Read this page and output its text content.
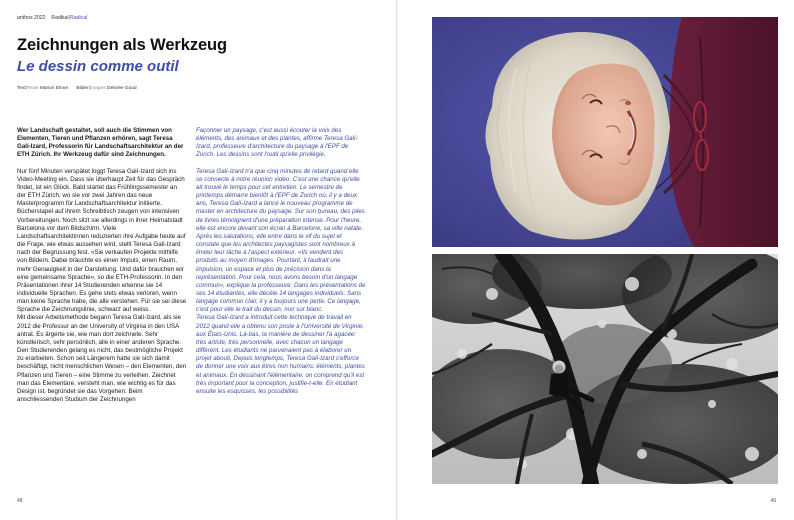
anthos 2022 Radikal|Radical
Zeichnungen als Werkzeug
Le dessin comme outil
Text|Texte Marion Elmer Bilder|Images Désirée Good

Wer Landschaft gestaltet, soll auch die Stimmen von Elementen, Tieren und Pflanzen erhören, sagt Teresa Galí-Izard, Professorin für Landschaftsarchitektur an der ETH Zürich. Ihr Werkzeug dafür sind Zeichnungen.

Nur fünf Minuten verspätet loggt Teresa Galí-Izard sich ins Video-Meeting ein. Dass sie überhaupt Zeit für das Gespräch findet, ist ein Glück. Bald startet das Frühlingssemester an der ETH Zürich, wo sie vor zwei Jahren das neue Masterprogramm für Landschaftsarchitektur initiierte. Bücherstapel auf ihrem Schreibtisch zeugen von intensiven Vorbereitungen. Noch sitzt sie allerdings in ihrer Heimatstadt Barcelona vor dem Bildschirm. Viele Landschaftsarchitektinnen reduzierten ihre Aufgabe heute auf die Frage, wie etwas aussehen wird, stellt Teresa Galí-Izard nach der Begrüssung fest. «Sie verkaufen Projekte mithilfe von Bildern. Dabei bräuchte es einen Impuls, einen Raum, mehr Genauigkeit in der Darstellung. Und dafür brauchen wir eine gemeinsame Sprache», so die ETH-Professorin. In den Präsentationen ihrer 14 Studierenden erkenne sie 14 individuelle Sprachen. Es gehe stets etwas verloren, wenn man keine Sprache habe, die alle verstehen. Für sie sei diese Sprache die Zeichnungslinie, schwarz auf weiss.

Mit dieser Arbeitsmethode begann Teresa Galí-Izard, als sie 2012 die Professur an der University of Virginia in den USA antrat. Es ärgerte sie, wie man dort zeichnete. Sehr künstlerisch, sehr persönlich, alle in einer anderen Sprache. Den Studierenden gelang es nicht, das bestmögliche Projekt zu erarbeiten. Schon seit Längerem hatte sie sich damit beschäftigt, nicht menschlichen Wesen – den Elementen, den Pflanzen und Tieren – eine Stimme zu verleihen. Zeichnet man das Elementare, versteht man, wie wichtig es für das Design ist, begründet sie das Vorgehen. Beim anschliessenden Studium der Zeichnungen

Façonner un paysage, c'est aussi écouter la voix des éléments, des animaux et des plantes, affirme Teresa Galí-Izard, professeure d'architecture du paysage à l'EPF de Zurich. Les dessins sont l'outil qu'elle privilégie.

Teresa Galí-Izard n'a que cinq minutes de retard quand elle se connecte à notre réunion vidéo. C'est une chance qu'elle ait trouvé le temps pour cet entretien. Le semestre de printemps démarre bientôt à l'EPF de Zurich où, il y a deux ans, Teresa Galí-Izard a lancé le nouveau programme de master en architecture du paysage. Sur son bureau, des piles de livres témoignent d'une préparation intense. Pour l'heure, elle est encore devant son écran à Barcelone, sa ville natale. Après les salutations, elle entre dans le vif du sujet et constate que les architectes paysagistes sont nombreux à limiter leur tâche à l'aspect extérieur. «Ils vendent des produits au moyen d'images. Pourtant, il faudrait une impulsion, un espace et plus de précision dans la représentation. Pour cela, nous avons besoin d'un langage commun», explique la professeure. Dans les présentations de ses 14 étudiantes, elle décèle 14 langages individuels. Sans langage commun clair, il y a toujours une perte. Ce langage, c'est pour elle le trait du dessin, noir sur blanc.

Teresa Galí-Izard a introduit cette technique de travail en 2012 quand elle a obtenu son poste à l'Université de Virginie, aux États-Unis. Là-bas, la manière de dessiner l'a agacée: très artiste, très personnelle, avec chacun un langage différent. Les étudiants ne parvenaient pas à élaborer un projet abouti. Depuis longtemps, Teresa Galí-Izard s'efforce de donner une voix aux êtres non humains: éléments, plantes et animaux. En dessinant l'élémentaire, on comprend qu'il est très important pour la conception, justifie-t-elle. En étudiant ensuite les esquisses, les possibilités

48	49
